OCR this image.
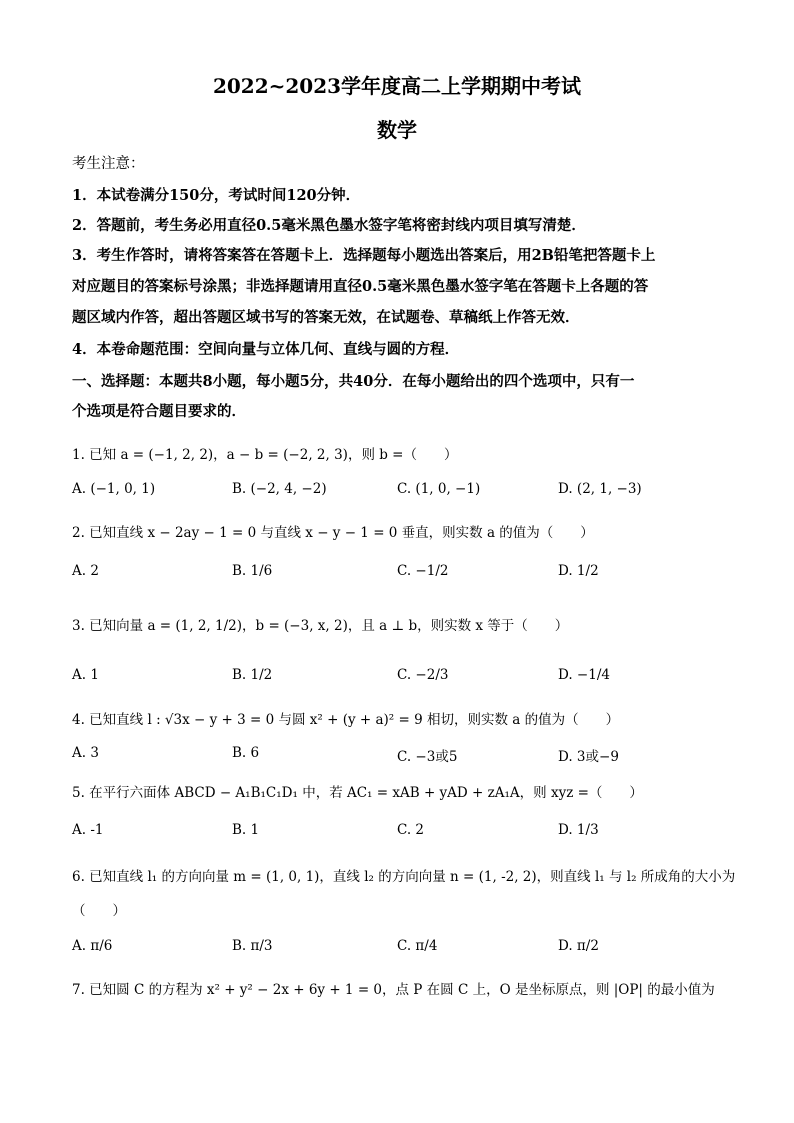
2022~2023学年度高二上学期期中考试
数学
考生注意：
1．本试卷满分150分，考试时间120分钟．
2．答题前，考生务必用直径0.5毫米黑色墨水签字笔将密封线内项目填写清楚．
3．考生作答时，请将答案答在答题卡上．选择题每小题选出答案后，用2B铅笔把答题卡上
对应题目的答案标号涂黑；非选择题请用直径0.5毫米黑色墨水签字笔在答题卡上各题的答
题区域内作答，超出答题区域书写的答案无效，在试题卷、草稿纸上作答无效．
4．本卷命题范围：空间向量与立体几何、直线与圆的方程．
一、选择题：本题共8小题，每小题5分，共40分．在每小题给出的四个选项中，只有一
个选项是符合题目要求的．
1. 已知 a = (−1, 2, 2)，a − b = (−2, 2, 3)，则 b =（　　）
A. (−1, 0, 1)	B. (−2, 4, −2)	C. (1, 0, −1)	D. (2, 1, −3)
2. 已知直线 x − 2ay − 1 = 0 与直线 x − y − 1 = 0 垂直，则实数 a 的值为（　　）
A. 2	B. 1/6	C. −1/2	D. 1/2
3. 已知向量 a = (1, 2, 1/2)，b = (−3, x, 2)，且 a ⊥ b，则实数 x 等于（　　）
A. 1	B. 1/2	C. −2/3	D. −1/4
4. 已知直线 l : √3x − y + 3 = 0 与圆 x² + (y + a)² = 9 相切，则实数 a 的值为（　　）
A. 3	B. 6	C. −3或5	D. 3或−9
5. 在平行六面体 ABCD − A₁B₁C₁D₁ 中，若 AC₁ = xAB + yAD + zA₁A，则 xyz =（　　）
A. -1	B. 1	C. 2	D. 1/3
6. 已知直线 l₁ 的方向向量 m = (1, 0, 1)，直线 l₂ 的方向向量 n = (1, -2, 2)，则直线 l₁ 与 l₂ 所成角的大小为
（　　）
A. π/6	B. π/3	C. π/4	D. π/2
7. 已知圆 C 的方程为 x² + y² − 2x + 6y + 1 = 0，点 P 在圆 C 上，O 是坐标原点，则 |OP| 的最小值为
